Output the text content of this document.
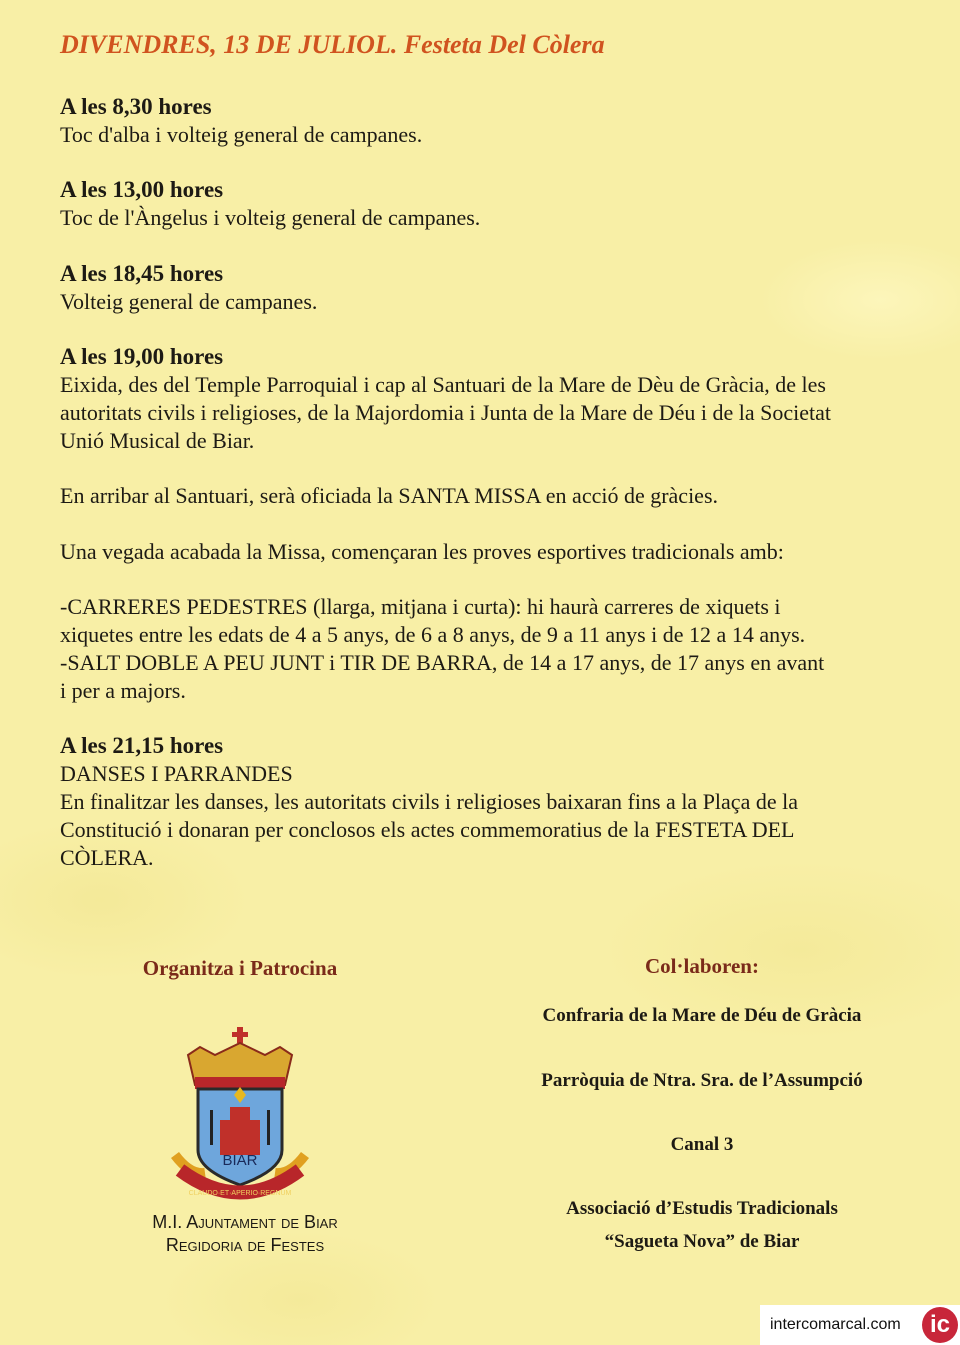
DIVENDRES, 13 DE JULIOL. Festeta Del Còlera
A les 8,30 hores
Toc d'alba i volteig general de campanes.
A les 13,00 hores
Toc de l'Àngelus i volteig general de campanes.
A les 18,45 hores
Volteig general de campanes.
A les 19,00 hores
Eixida, des del Temple Parroquial i cap al Santuari de la Mare de Dèu de Gràcia, de les
autoritats civils i religioses, de la Majordomia i Junta de la Mare de Déu i de la Societat
Unió Musical de Biar.
En arribar al Santuari, serà oficiada la SANTA MISSA en acció de gràcies.
Una vegada acabada la Missa, començaran les proves esportives tradicionals amb:
-CARRERES PEDESTRES (llarga, mitjana i curta): hi haurà carreres de xiquets i
xiquetes entre les edats de 4 a 5 anys, de 6 a 8 anys, de 9 a 11 anys i de 12 a 14 anys.
-SALT DOBLE A PEU JUNT i TIR DE BARRA, de 14 a 17 anys, de 17 anys en avant
i per a majors.
A les 21,15 hores
DANSES I PARRANDES
En finalitzar les danses, les autoritats civils i religioses baixaran fins a la Plaça de la
Constitució i donaran per conclosos els actes commemoratius de la FESTETA DEL
CÒLERA.
Organitza i Patrocina
BIAR
CLAUDO·ET·APERIO·REGNUM
M.I. Ajuntament de Biar
Regidoria de Festes
Col·laboren:
Confraria de la Mare de Déu de Gràcia
Parròquia de Ntra. Sra. de l’Assumpció
Canal 3
Associació d’Estudis Tradicionals
“Sagueta Nova” de Biar
intercomarcal.com	ic
